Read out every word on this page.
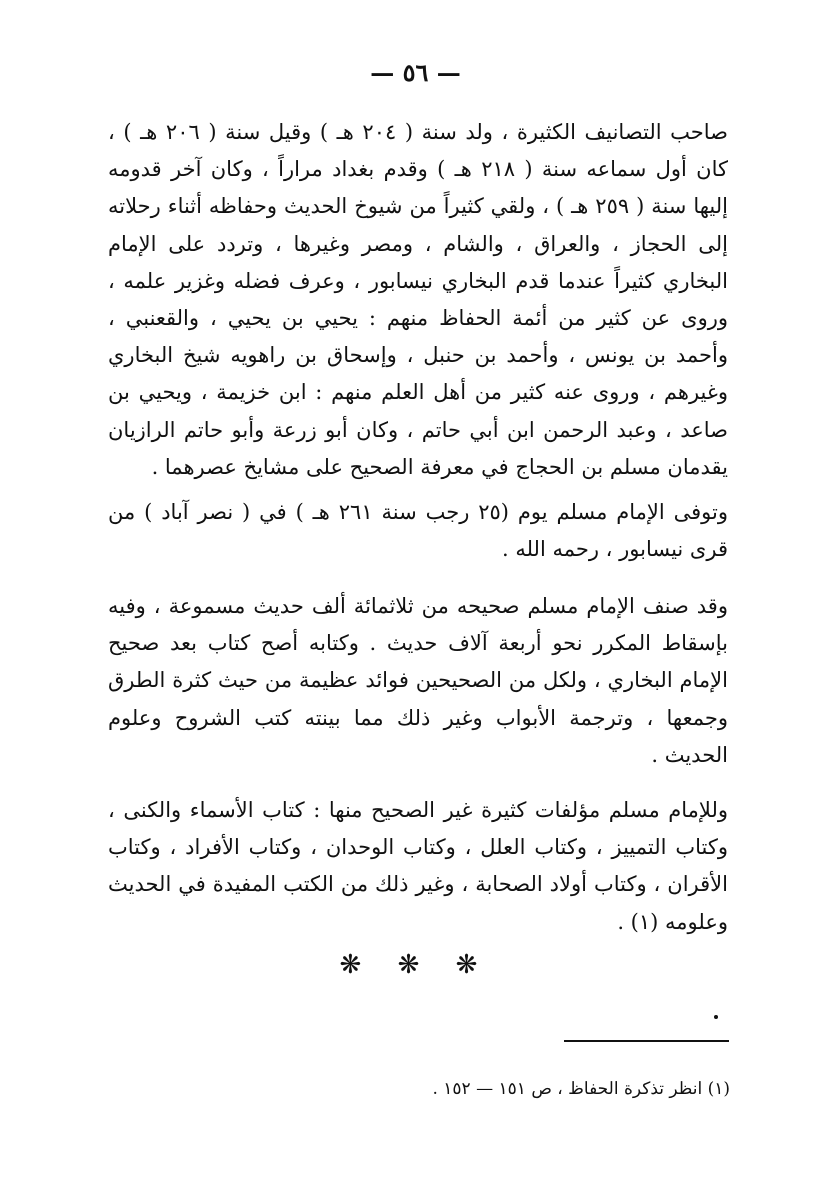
— ٥٦ —
صاحب التصانيف الكثيرة ، ولد سنة ( ٢٠٤ هـ ) وقيل سنة ( ٢٠٦ هـ ) ، كان أول سماعه سنة ( ٢١٨ هـ ) وقدم بغداد مراراً ، وكان آخر قدومه إليها سنة ( ٢٥٩ هـ ) ، ولقي كثيراً من شيوخ الحديث وحفاظه أثناء رحلاته إلى الحجاز ، والعراق ، والشام ، ومصر وغيرها ، وتردد على الإمام البخاري كثيراً عندما قدم البخاري نيسابور ، وعرف فضله وغزير علمه ، وروى عن كثير من أئمة الحفاظ منهم : يحيي بن يحيي ، والقعنبي ، وأحمد بن يونس ، وأحمد بن حنبل ، وإسحاق بن راهويه شيخ البخاري وغيرهم ، وروى عنه كثير من أهل العلم منهم : ابن خزيمة ، ويحيي بن صاعد ، وعبد الرحمن ابن أبي حاتم ، وكان أبو زرعة وأبو حاتم الرازيان يقدمان مسلم بن الحجاج في معرفة الصحيح على مشايخ عصرهما .
وتوفى الإمام مسلم يوم (٢٥ رجب سنة ٢٦١ هـ ) في ( نصر آباد ) من قرى نيسابور ، رحمه الله .
وقد صنف الإمام مسلم صحيحه من ثلاثمائة ألف حديث مسموعة ، وفيه بإسقاط المكرر نحو أربعة آلاف حديث . وكتابه أصح كتاب بعد صحيح الإمام البخاري ، ولكل من الصحيحين فوائد عظيمة من حيث كثرة الطرق وجمعها ، وترجمة الأبواب وغير ذلك مما بينته كتب الشروح وعلوم الحديث .
وللإمام مسلم مؤلفات كثيرة غير الصحيح منها : كتاب الأسماء والكنى ، وكتاب التمييز ، وكتاب العلل ، وكتاب الوحدان ، وكتاب الأفراد ، وكتاب الأقران ، وكتاب أولاد الصحابة ، وغير ذلك من الكتب المفيدة في الحديث وعلومه (١) .
❋ ❋ ❋
(١) انظر تذكرة الحفاظ ، ص ١٥١ — ١٥٢ .
